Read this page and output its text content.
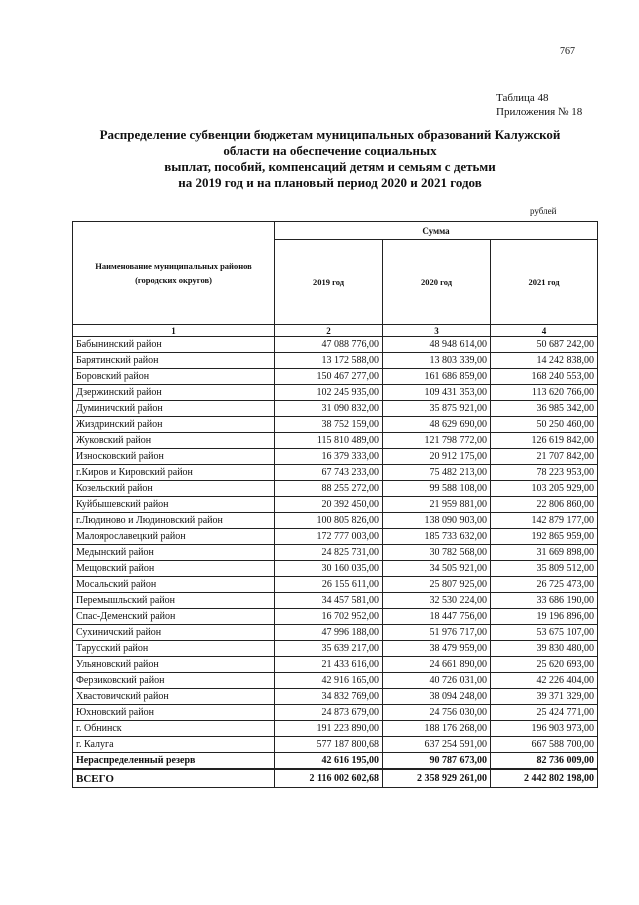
767
Таблица 48
Приложения № 18
Распределение субвенции бюджетам муниципальных образований Калужской
области на обеспечение социальных
выплат, пособий, компенсаций детям и семьям с детьми
на 2019 год и на плановый период 2020 и 2021 годов
рублей
Наименование муниципальных районов (городских округов)	Сумма		
	2019 год	2020 год	2021 год
1	2	3	4
Бабынинский район	47 088 776,00	48 948 614,00	50 687 242,00
Барятинский район	13 172 588,00	13 803 339,00	14 242 838,00
Боровский район	150 467 277,00	161 686 859,00	168 240 553,00
Дзержинский район	102 245 935,00	109 431 353,00	113 620 766,00
Думиничский район	31 090 832,00	35 875 921,00	36 985 342,00
Жиздринский район	38 752 159,00	48 629 690,00	50 250 460,00
Жуковский район	115 810 489,00	121 798 772,00	126 619 842,00
Износковский район	16 379 333,00	20 912 175,00	21 707 842,00
г.Киров и Кировский район	67 743 233,00	75 482 213,00	78 223 953,00
Козельский район	88 255 272,00	99 588 108,00	103 205 929,00
Куйбышевский район	20 392 450,00	21 959 881,00	22 806 860,00
г.Людиново и Людиновский район	100 805 826,00	138 090 903,00	142 879 177,00
Малоярославецкий район	172 777 003,00	185 733 632,00	192 865 959,00
Медынский район	24 825 731,00	30 782 568,00	31 669 898,00
Мещовский район	30 160 035,00	34 505 921,00	35 809 512,00
Мосальский район	26 155 611,00	25 807 925,00	26 725 473,00
Перемышльский район	34 457 581,00	32 530 224,00	33 686 190,00
Спас-Деменский район	16 702 952,00	18 447 756,00	19 196 896,00
Сухиничский район	47 996 188,00	51 976 717,00	53 675 107,00
Тарусский район	35 639 217,00	38 479 959,00	39 830 480,00
Ульяновский район	21 433 616,00	24 661 890,00	25 620 693,00
Ферзиковский район	42 916 165,00	40 726 031,00	42 226 404,00
Хвастовичский район	34 832 769,00	38 094 248,00	39 371 329,00
Юхновский район	24 873 679,00	24 756 030,00	25 424 771,00
г. Обнинск	191 223 890,00	188 176 268,00	196 903 973,00
г. Калуга	577 187 800,68	637 254 591,00	667 588 700,00
Нераспределенный резерв	42 616 195,00	90 787 673,00	82 736 009,00
ВСЕГО	2 116 002 602,68	2 358 929 261,00	2 442 802 198,00
